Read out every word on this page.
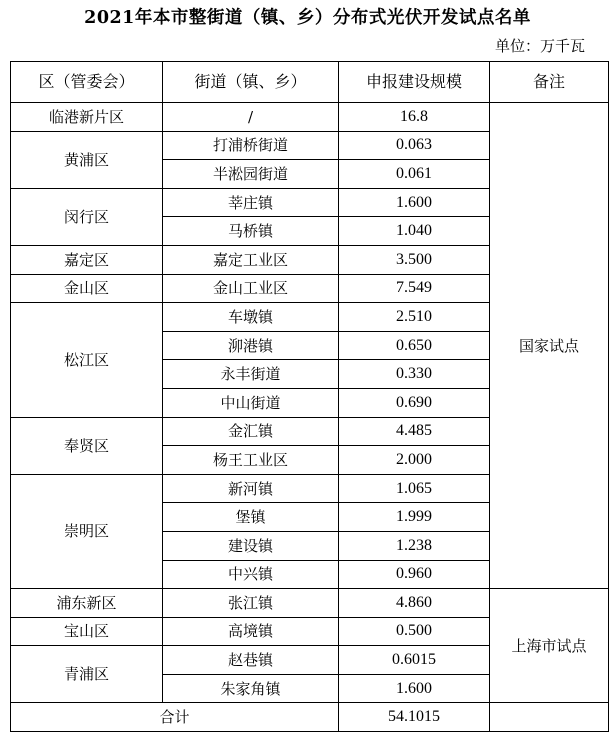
2021年本市整街道（镇、乡）分布式光伏开发试点名单
单位：万千瓦
区（管委会）	街道（镇、乡）	申报建设规模	备注
临港新片区	/	16.8	国家试点
黄浦区	打浦桥街道	0.063	
	半淞园街道	0.061	
闵行区	莘庄镇	1.600	
	马桥镇	1.040	
嘉定区	嘉定工业区	3.500	
金山区	金山工业区	7.549	
松江区	车墩镇	2.510	
	泖港镇	0.650	
	永丰街道	0.330	
	中山街道	0.690	
奉贤区	金汇镇	4.485	
	杨王工业区	2.000	
崇明区	新河镇	1.065	
	堡镇	1.999	
	建设镇	1.238	
	中兴镇	0.960	
浦东新区	张江镇	4.860	上海市试点
宝山区	高境镇	0.500	
青浦区	赵巷镇	0.6015	
	朱家角镇	1.600	
合计		54.1015	
